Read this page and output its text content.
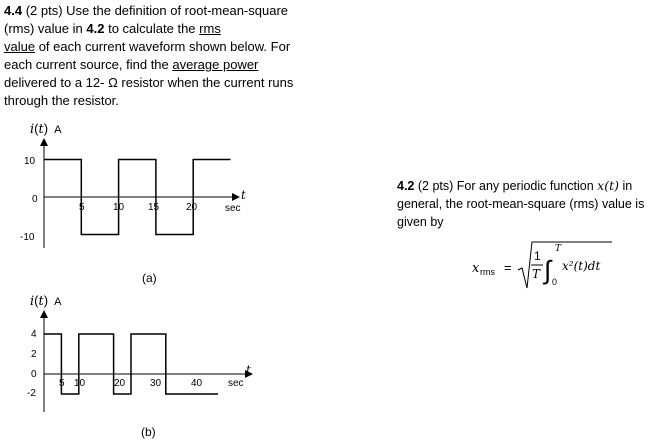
4.4 (2 pts) Use the definition of root-mean-square (rms) value in 4.2 to calculate the rms
value of each current waveform shown below. For each current source, find the average power delivered to a 12- Ω resistor when the current runs through the resistor.
i(t) A
10
0
-10
5	10 15	20
t
sec
(a)
i(t) A
4
2
0
-2
5 10	20 30	40
t
sec
(b)
4.2 (2 pts) For any periodic function x(t) in general, the root-mean-square (rms) value is given by
x rms =
1
T ∫
T
0
x²(t)dt
